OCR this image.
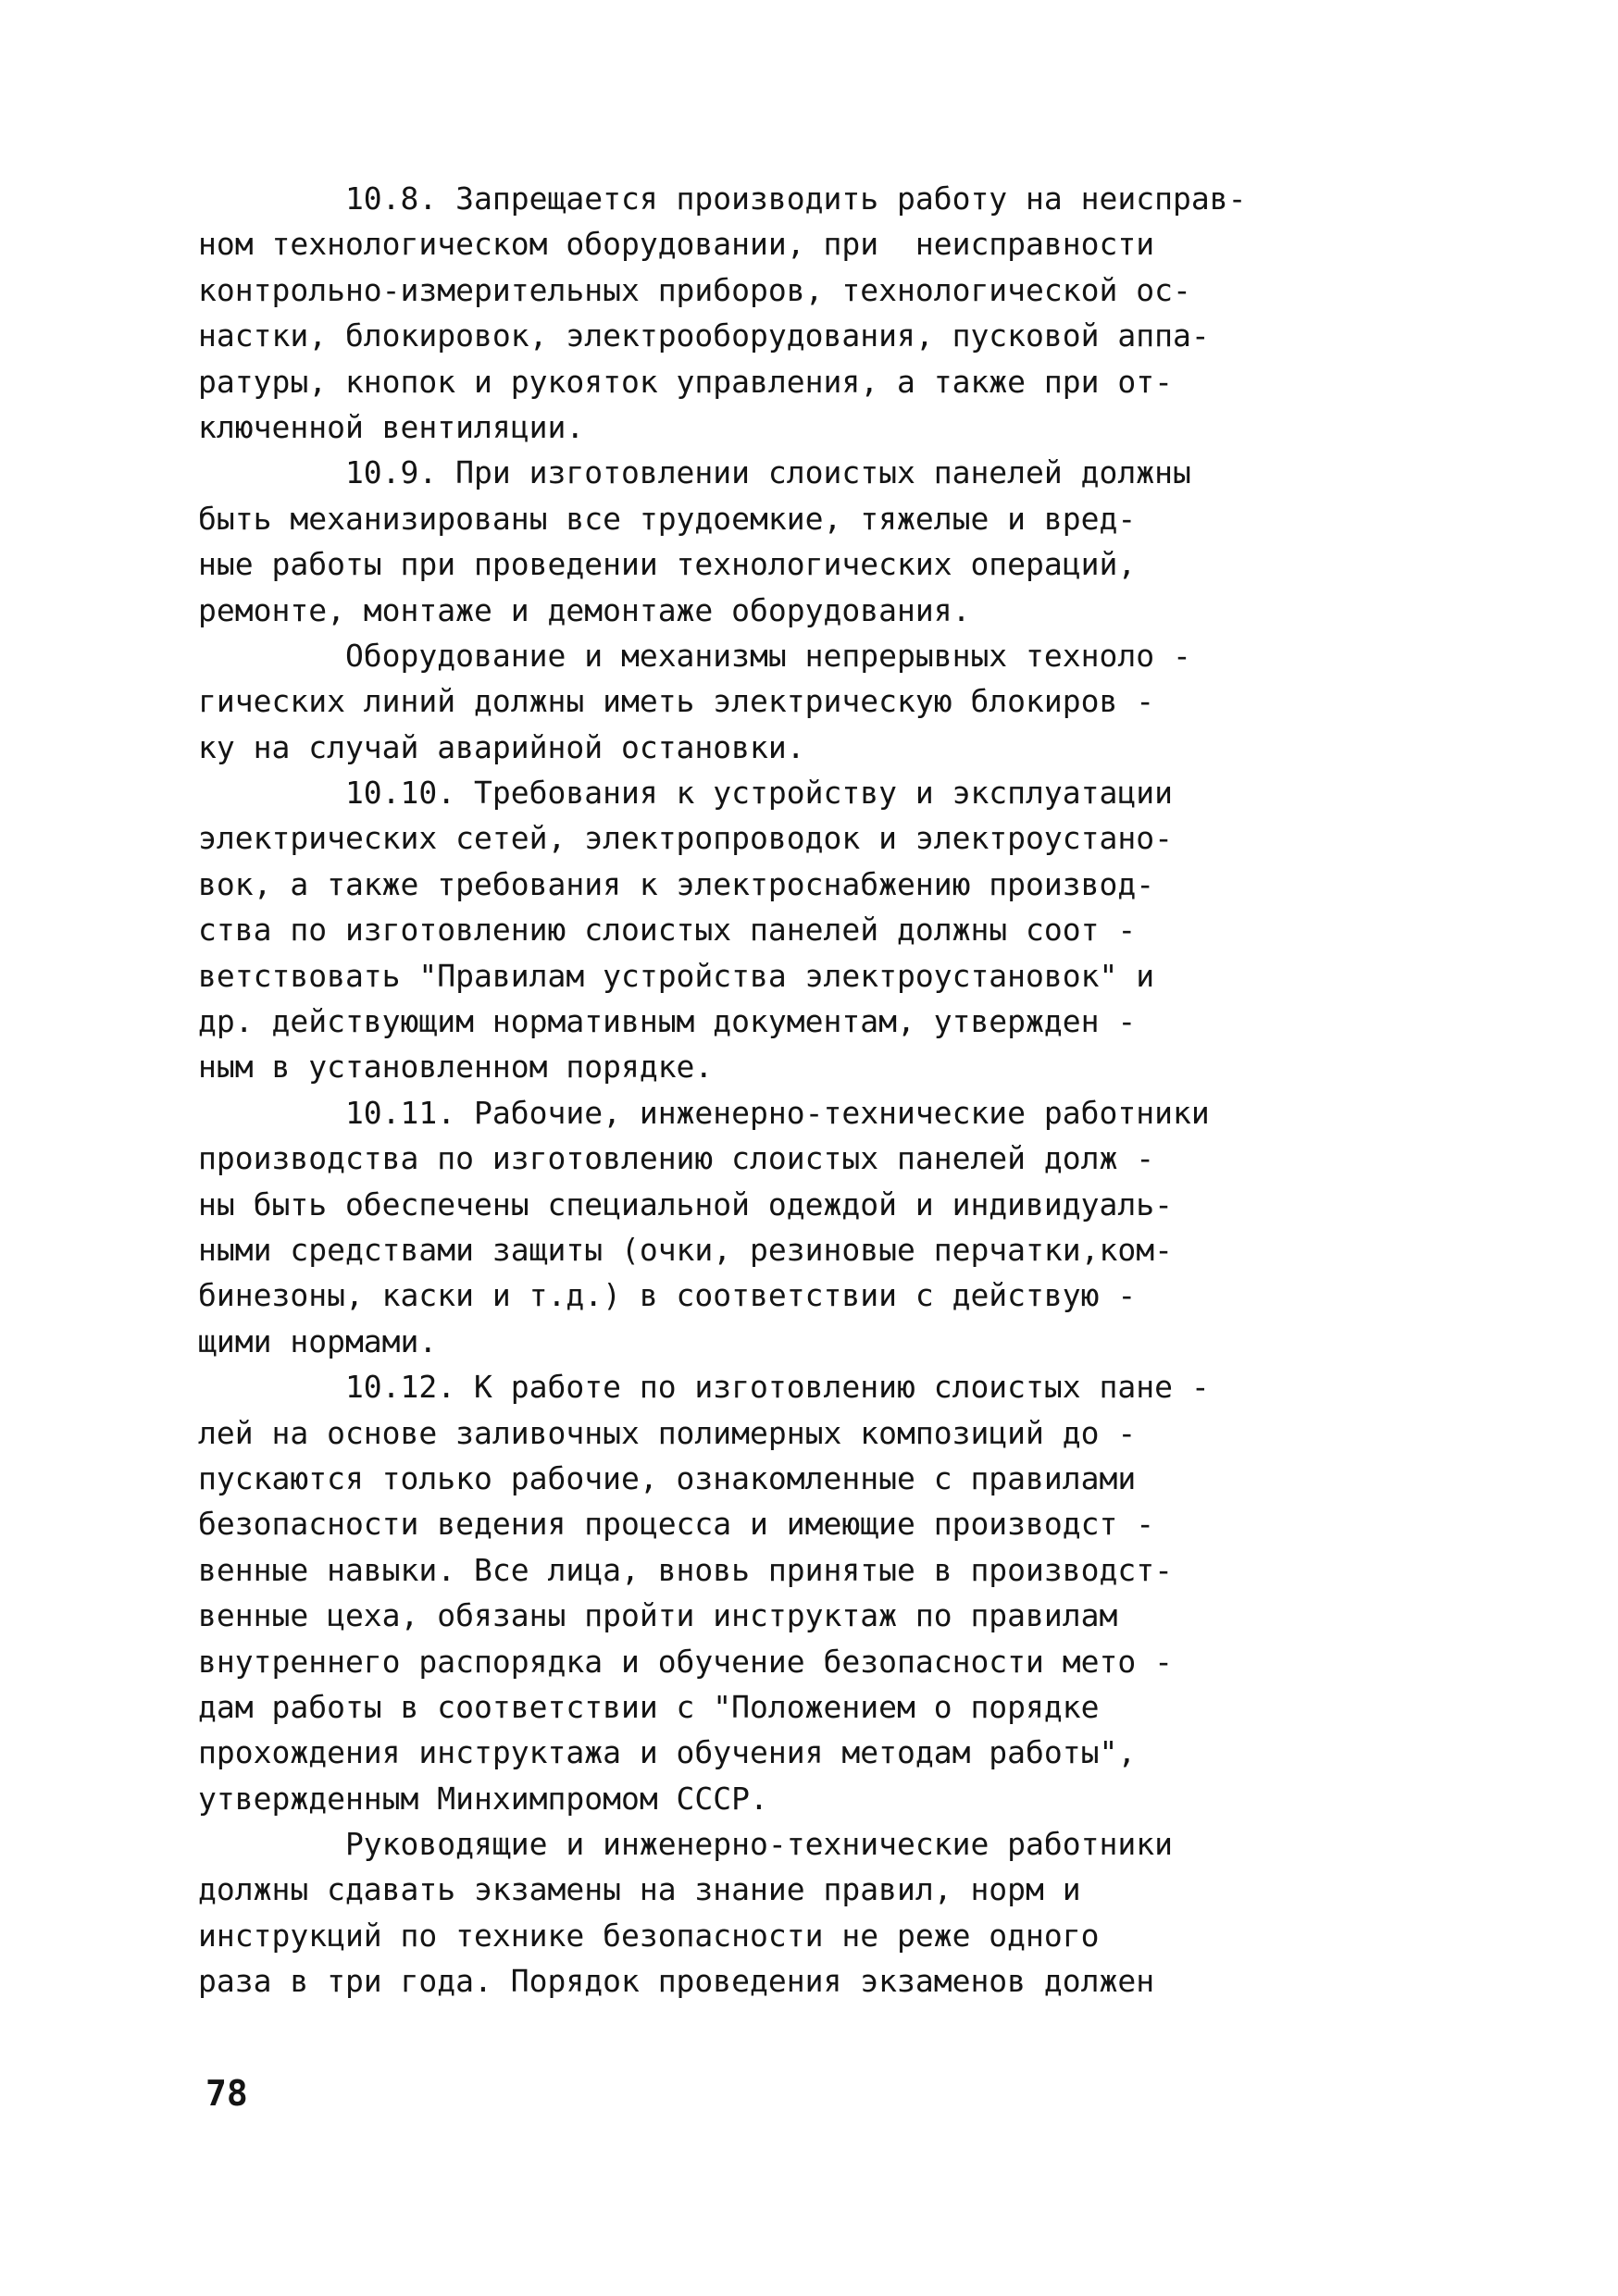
10.8. Запрещается производить работу на неисправ-
ном технологическом оборудовании, при  неисправности
контрольно-измерительных приборов, технологической ос-
настки, блокировок, электрооборудования, пусковой аппа-
ратуры, кнопок и рукояток управления, а также при от-
ключенной вентиляции.
10.9. При изготовлении слоистых панелей должны
быть механизированы все трудоемкие, тяжелые и вред-
ные работы при проведении технологических операций,
ремонте, монтаже и демонтаже оборудования.
Оборудование и механизмы непрерывных техноло -
гических линий должны иметь электрическую блокиров -
ку на случай аварийной остановки.
10.10. Требования к устройству и эксплуатации
электрических сетей, электропроводок и электроустано-
вок, а также требования к электроснабжению производ-
ства по изготовлению слоистых панелей должны соот -
ветствовать "Правилам устройства электроустановок" и
др. действующим нормативным документам, утвержден -
ным в установленном порядке.
10.11. Рабочие, инженерно-технические работники
производства по изготовлению слоистых панелей долж -
ны быть обеспечены специальной одеждой и индивидуаль-
ными средствами защиты (очки, резиновые перчатки,ком-
бинезоны, каски и т.д.) в соответствии с действую -
щими нормами.
10.12. К работе по изготовлению слоистых пане -
лей на основе заливочных полимерных композиций до -
пускаются только рабочие, ознакомленные с правилами
безопасности ведения процесса и имеющие производст -
венные навыки. Все лица, вновь принятые в производст-
венные цеха, обязаны пройти инструктаж по правилам
внутреннего распорядка и обучение безопасности мето -
дам работы в соответствии с "Положением о порядке
прохождения инструктажа и обучения методам работы",
утвержденным Минхимпромом СССР.
Руководящие и инженерно-технические работники
должны сдавать экзамены на знание правил, норм и
инструкций по технике безопасности не реже одного
раза в три года. Порядок проведения экзаменов должен
78
